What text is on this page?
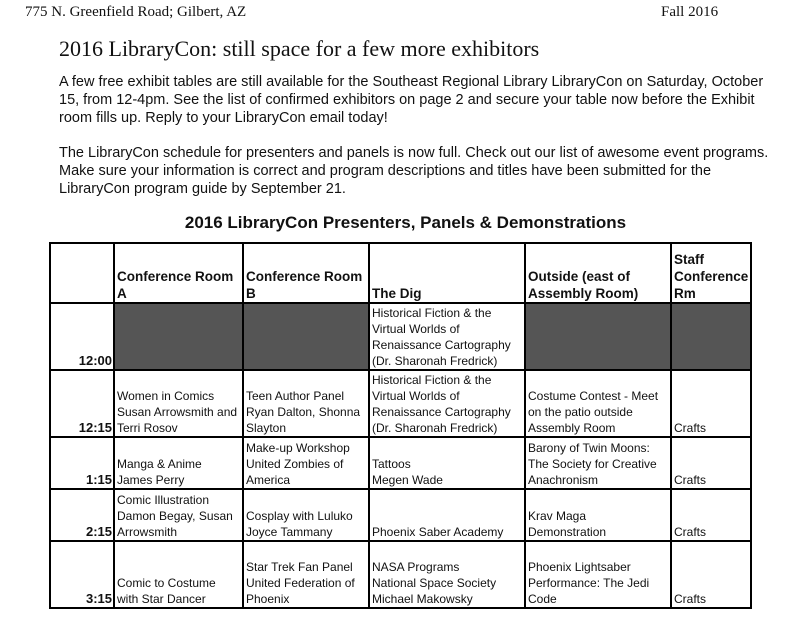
775 N. Greenfield Road; Gilbert, AZ	Fall 2016
2016 LibraryCon: still space for a few more exhibitors
A few free exhibit tables are still available for the Southeast Regional Library LibraryCon on Saturday, October
15, from 12-4pm. See the list of confirmed exhibitors on page 2 and secure your table now before the Exhibit
room fills up. Reply to your LibraryCon email today!
The LibraryCon schedule for presenters and panels is now full. Check out our list of awesome event programs.
Make sure your information is correct and program descriptions and titles have been submitted for the
LibraryCon program guide by September 21.
2016 LibraryCon Presenters, Panels & Demonstrations

	Conference Room
A	Conference Room
B	The Dig	Outside (east of
Assembly Room)	Staff
Conference
Rm

12:00			Historical Fiction & the
Virtual Worlds of
Renaissance Cartography
(Dr. Sharonah Fredrick)		

12:15	Women in Comics
Susan Arrowsmith and
Terri Rosov	Teen Author Panel
Ryan Dalton, Shonna
Slayton	Historical Fiction & the
Virtual Worlds of
Renaissance Cartography
(Dr. Sharonah Fredrick)	Costume Contest - Meet
on the patio outside
Assembly Room	Crafts

1:15	Manga & Anime
James Perry	Make-up Workshop
United Zombies of
America	Tattoos
Megen Wade	Barony of Twin Moons:
The Society for Creative
Anachronism	Crafts

2:15	Comic Illustration
Damon Begay, Susan
Arrowsmith	Cosplay with Luluko
Joyce Tammany	Phoenix Saber Academy	Krav Maga
Demonstration	Crafts

3:15	Comic to Costume
with Star Dancer	Star Trek Fan Panel
United Federation of
Phoenix	NASA Programs
National Space Society
Michael Makowsky	Phoenix Lightsaber
Performance: The Jedi
Code	Crafts
